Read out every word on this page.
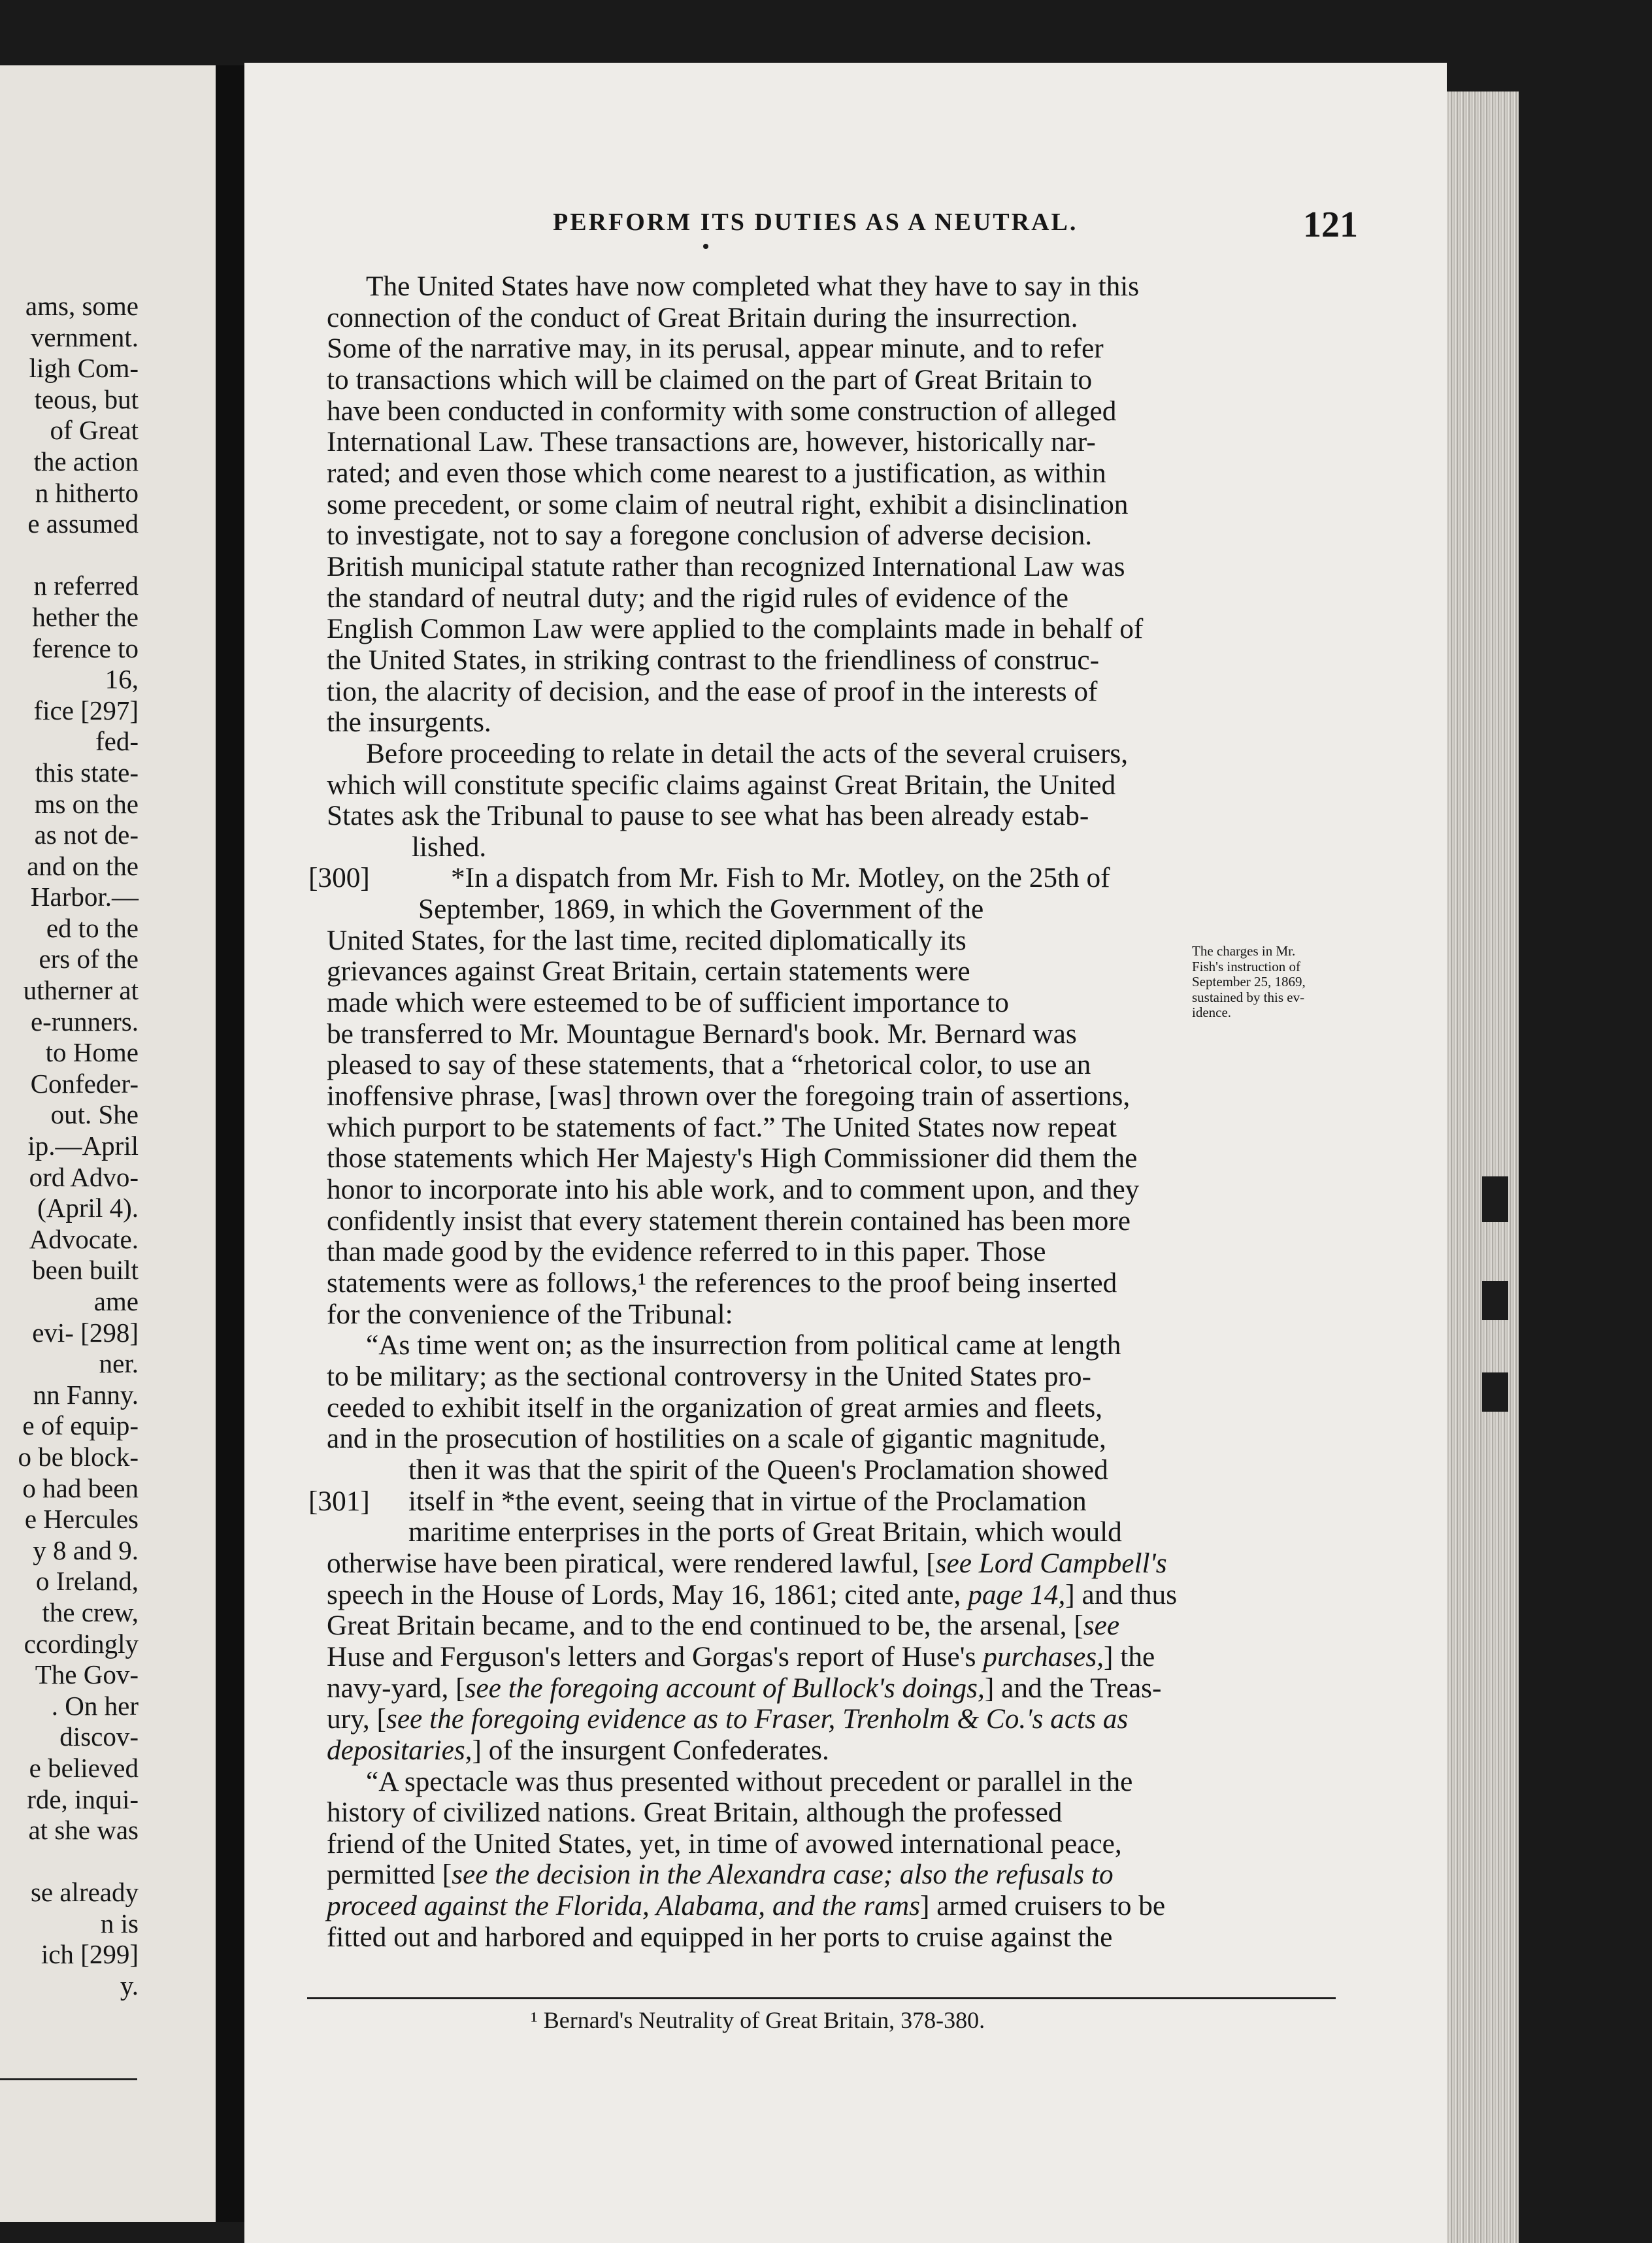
ams, some
vernment.
ligh Com-
teous, but
of Great
the action
n hitherto
e assumed
n referred
hether the
ference to
16,
fice [297]
fed-
this state-
ms on the
as not de-
and on the
Harbor.—
ed to the
ers of the
utherner at
e-runners.
to Home
Confeder-
out. She
ip.—April
ord Advo-
(April 4).
Advocate.
been built
ame
evi- [298]
ner.
nn Fanny.
e of equip-
o be block-
o had been
e Hercules
y 8 and 9.
o Ireland,
the crew,
ccordingly
The Gov-
. On her
discov-
e believed
rde, inqui-
at she was
se already
n is
ich [299]
y.
PERFORM ITS DUTIES AS A NEUTRAL.	121
The United States have now completed what they have to say in this
connection of the conduct of Great Britain during the insurrection.
Some of the narrative may, in its perusal, appear minute, and to refer
to transactions which will be claimed on the part of Great Britain to
have been conducted in conformity with some construction of alleged
International Law. These transactions are, however, historically nar-
rated; and even those which come nearest to a justification, as within
some precedent, or some claim of neutral right, exhibit a disinclination
to investigate, not to say a foregone conclusion of adverse decision.
British municipal statute rather than recognized International Law was
the standard of neutral duty; and the rigid rules of evidence of the
English Common Law were applied to the complaints made in behalf of
the United States, in striking contrast to the friendliness of construc-
tion, the alacrity of decision, and the ease of proof in the interests of
the insurgents.
Before proceeding to relate in detail the acts of the several cruisers,
which will constitute specific claims against Great Britain, the United
States ask the Tribunal to pause to see what has been already estab-
lished.
[300]	*In a dispatch from Mr. Fish to Mr. Motley, on the 25th of
September, 1869, in which the Government of the
United States, for the last time, recited diplomatically its
grievances against Great Britain, certain statements were
made which were esteemed to be of sufficient importance to
be transferred to Mr. Mountague Bernard's book. Mr. Bernard was
pleased to say of these statements, that a “rhetorical color, to use an
inoffensive phrase, [was] thrown over the foregoing train of assertions,
which purport to be statements of fact.” The United States now repeat
those statements which Her Majesty's High Commissioner did them the
honor to incorporate into his able work, and to comment upon, and they
confidently insist that every statement therein contained has been more
than made good by the evidence referred to in this paper. Those
statements were as follows,¹ the references to the proof being inserted
for the convenience of the Tribunal:
“As time went on; as the insurrection from political came at length
to be military; as the sectional controversy in the United States pro-
ceeded to exhibit itself in the organization of great armies and fleets,
and in the prosecution of hostilities on a scale of gigantic magnitude,
then it was that the spirit of the Queen's Proclamation showed
[301] itself in *the event, seeing that in virtue of the Proclamation
maritime enterprises in the ports of Great Britain, which would
otherwise have been piratical, were rendered lawful, [see Lord Campbell's
speech in the House of Lords, May 16, 1861; cited ante, page 14,] and thus
Great Britain became, and to the end continued to be, the arsenal, [see
Huse and Ferguson's letters and Gorgas's report of Huse's purchases,] the
navy-yard, [see the foregoing account of Bullock's doings,] and the Treas-
ury, [see the foregoing evidence as to Fraser, Trenholm & Co.'s acts as
depositaries,] of the insurgent Confederates.
“A spectacle was thus presented without precedent or parallel in the
history of civilized nations. Great Britain, although the professed
friend of the United States, yet, in time of avowed international peace,
permitted [see the decision in the Alexandra case; also the refusals to
proceed against the Florida, Alabama, and the rams] armed cruisers to be
fitted out and harbored and equipped in her ports to cruise against the
The charges in Mr.
Fish's instruction of
September 25, 1869,
sustained by this ev-
idence.
¹ Bernard's Neutrality of Great Britain, 378-380.
